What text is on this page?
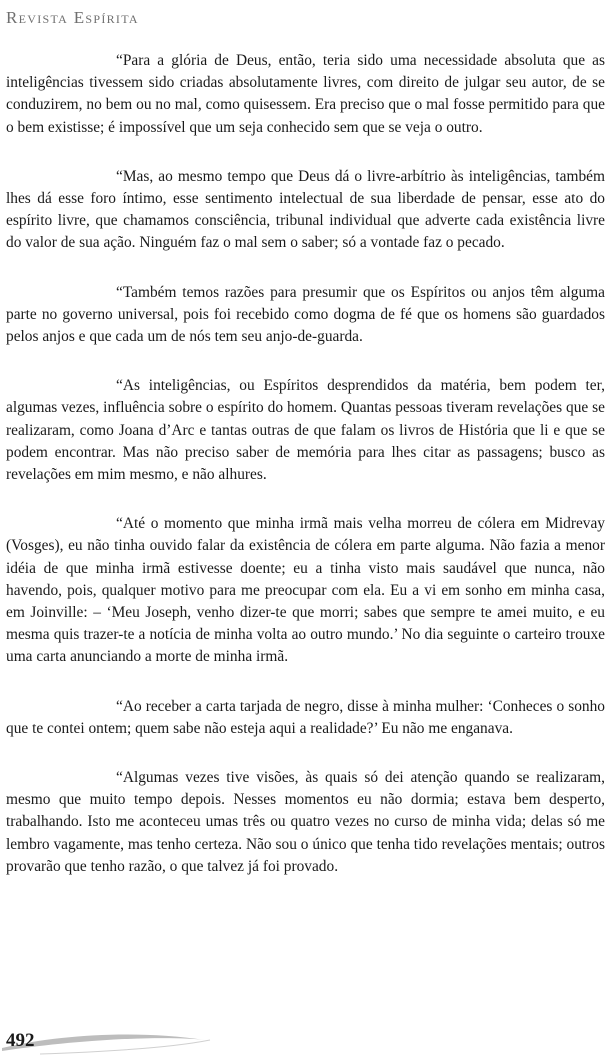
Revista Espírita

“Para a glória de Deus, então, teria sido uma necessidade absoluta que as inteligências tivessem sido criadas absolutamente livres, com direito de julgar seu autor, de se conduzirem, no bem ou no mal, como quisessem. Era preciso que o mal fosse permitido para que o bem existisse; é impossível que um seja conhecido sem que se veja o outro.

“Mas, ao mesmo tempo que Deus dá o livre-arbítrio às inteligências, também lhes dá esse foro íntimo, esse sentimento intelectual de sua liberdade de pensar, esse ato do espírito livre, que chamamos consciência, tribunal individual que adverte cada existência livre do valor de sua ação. Ninguém faz o mal sem o saber; só a vontade faz o pecado.

“Também temos razões para presumir que os Espíritos ou anjos têm alguma parte no governo universal, pois foi recebido como dogma de fé que os homens são guardados pelos anjos e que cada um de nós tem seu anjo-de-guarda.

“As inteligências, ou Espíritos desprendidos da matéria, bem podem ter, algumas vezes, influência sobre o espírito do homem. Quantas pessoas tiveram revelações que se realizaram, como Joana d’Arc e tantas outras de que falam os livros de História que li e que se podem encontrar. Mas não preciso saber de memória para lhes citar as passagens; busco as revelações em mim mesmo, e não alhures.

“Até o momento que minha irmã mais velha morreu de cólera em Midrevay (Vosges), eu não tinha ouvido falar da existência de cólera em parte alguma. Não fazia a menor idéia de que minha irmã estivesse doente; eu a tinha visto mais saudável que nunca, não havendo, pois, qualquer motivo para me preocupar com ela. Eu a vi em sonho em minha casa, em Joinville: – ‘Meu Joseph, venho dizer-te que morri; sabes que sempre te amei muito, e eu mesma quis trazer-te a notícia de minha volta ao outro mundo.’ No dia seguinte o carteiro trouxe uma carta anunciando a morte de minha irmã.

“Ao receber a carta tarjada de negro, disse à minha mulher: ‘Conheces o sonho que te contei ontem; quem sabe não esteja aqui a realidade?’ Eu não me enganava.

“Algumas vezes tive visões, às quais só dei atenção quando se realizaram, mesmo que muito tempo depois. Nesses momentos eu não dormia; estava bem desperto, trabalhando. Isto me aconteceu umas três ou quatro vezes no curso de minha vida; delas só me lembro vagamente, mas tenho certeza. Não sou o único que tenha tido revelações mentais; outros provarão que tenho razão, o que talvez já foi provado.

492
